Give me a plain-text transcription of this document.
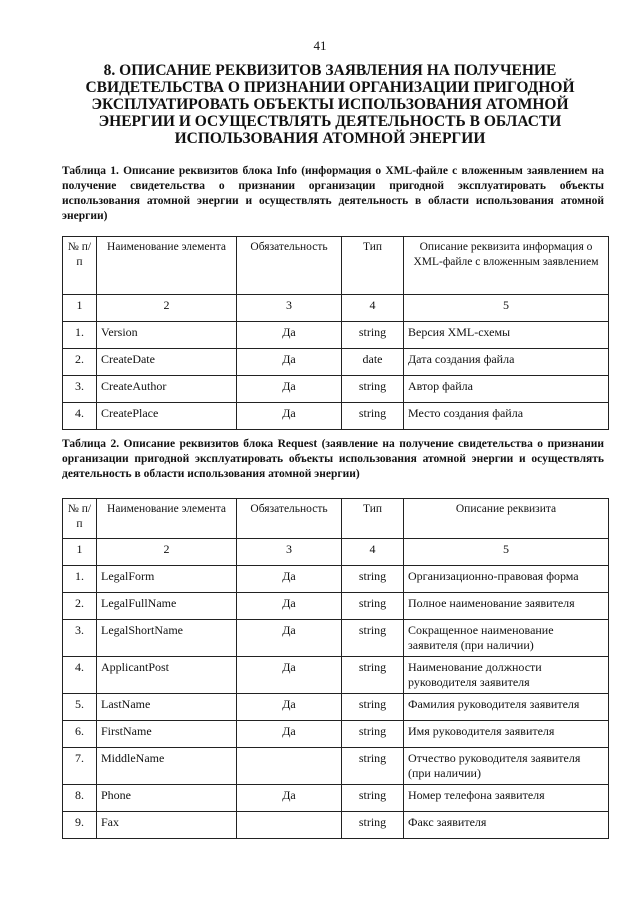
41
8. ОПИСАНИЕ РЕКВИЗИТОВ ЗАЯВЛЕНИЯ НА ПОЛУЧЕНИЕ СВИДЕТЕЛЬСТВА О ПРИЗНАНИИ ОРГАНИЗАЦИИ ПРИГОДНОЙ ЭКСПЛУАТИРОВАТЬ ОБЪЕКТЫ ИСПОЛЬЗОВАНИЯ АТОМНОЙ ЭНЕРГИИ И ОСУЩЕСТВЛЯТЬ ДЕЯТЕЛЬНОСТЬ В ОБЛАСТИ ИСПОЛЬЗОВАНИЯ АТОМНОЙ ЭНЕРГИИ
Таблица 1. Описание реквизитов блока Info (информация о XML-файле с вложенным заявлением на получение свидетельства о признании организации пригодной эксплуатировать объекты использования атомной энергии и осуществлять деятельность в области использования атомной энергии)
№ п/п	Наименование элемента	Обязательность	Тип	Описание реквизита информация о XML-файле с вложенным заявлением
1	2	3	4	5
1.	Version	Да	string	Версия XML-схемы
2.	CreateDate	Да	date	Дата создания файла
3.	CreateAuthor	Да	string	Автор файла
4.	CreatePlace	Да	string	Место создания файла
Таблица 2. Описание реквизитов блока Request (заявление на получение свидетельства о признании организации пригодной эксплуатировать объекты использования атомной энергии и осуществлять деятельность в области использования атомной энергии)
№ п/п	Наименование элемента	Обязательность	Тип	Описание реквизита
1	2	3	4	5
1.	LegalForm	Да	string	Организационно-правовая форма
2.	LegalFullName	Да	string	Полное наименование заявителя
3.	LegalShortName	Да	string	Сокращенное наименование заявителя (при наличии)
4.	ApplicantPost	Да	string	Наименование должности руководителя заявителя
5.	LastName	Да	string	Фамилия руководителя заявителя
6.	FirstName	Да	string	Имя руководителя заявителя
7.	MiddleName		string	Отчество руководителя заявителя (при наличии)
8.	Phone	Да	string	Номер телефона заявителя
9.	Fax		string	Факс заявителя
